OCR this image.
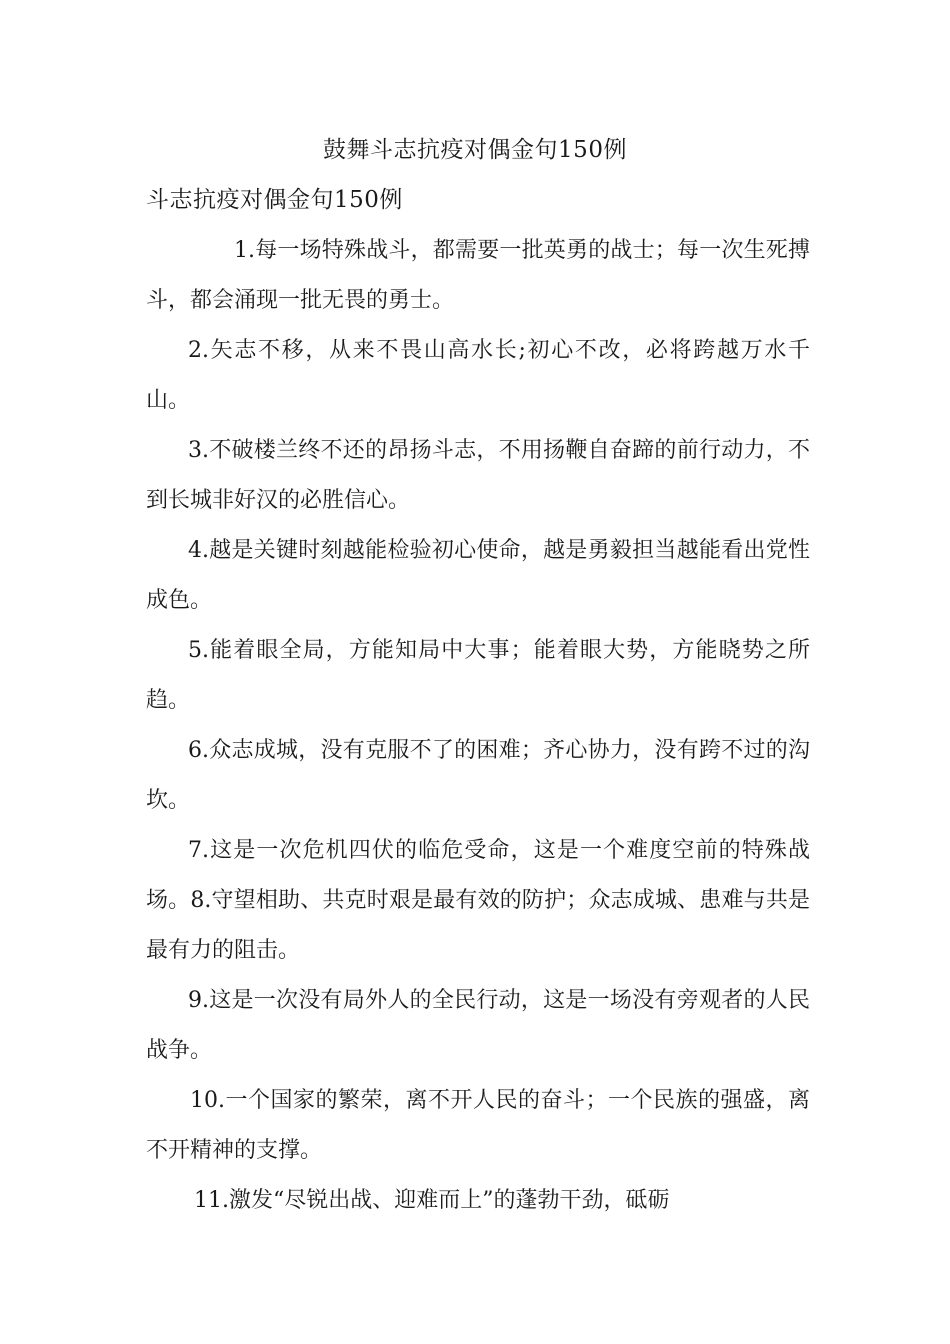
鼓舞斗志抗疫对偶金句150例
斗志抗疫对偶金句150例

1.每一场特殊战斗，都需要一批英勇的战士；每一次生死搏斗，都会涌现一批无畏的勇士。

2.矢志不移，从来不畏山高水长;初心不改，必将跨越万水千山。

3.不破楼兰终不还的昂扬斗志，不用扬鞭自奋蹄的前行动力，不到长城非好汉的必胜信心。

4.越是关键时刻越能检验初心使命，越是勇毅担当越能看出党性成色。

5.能着眼全局，方能知局中大事；能着眼大势，方能晓势之所趋。

6.众志成城，没有克服不了的困难；齐心协力，没有跨不过的沟坎。

7.这是一次危机四伏的临危受命，这是一个难度空前的特殊战场。8.守望相助、共克时艰是最有效的防护；众志成城、患难与共是最有力的阻击。

9.这是一次没有局外人的全民行动，这是一场没有旁观者的人民战争。

10.一个国家的繁荣，离不开人民的奋斗；一个民族的强盛，离不开精神的支撑。

11.激发“尽锐出战、迎难而上”的蓬勃干劲，砥砺
